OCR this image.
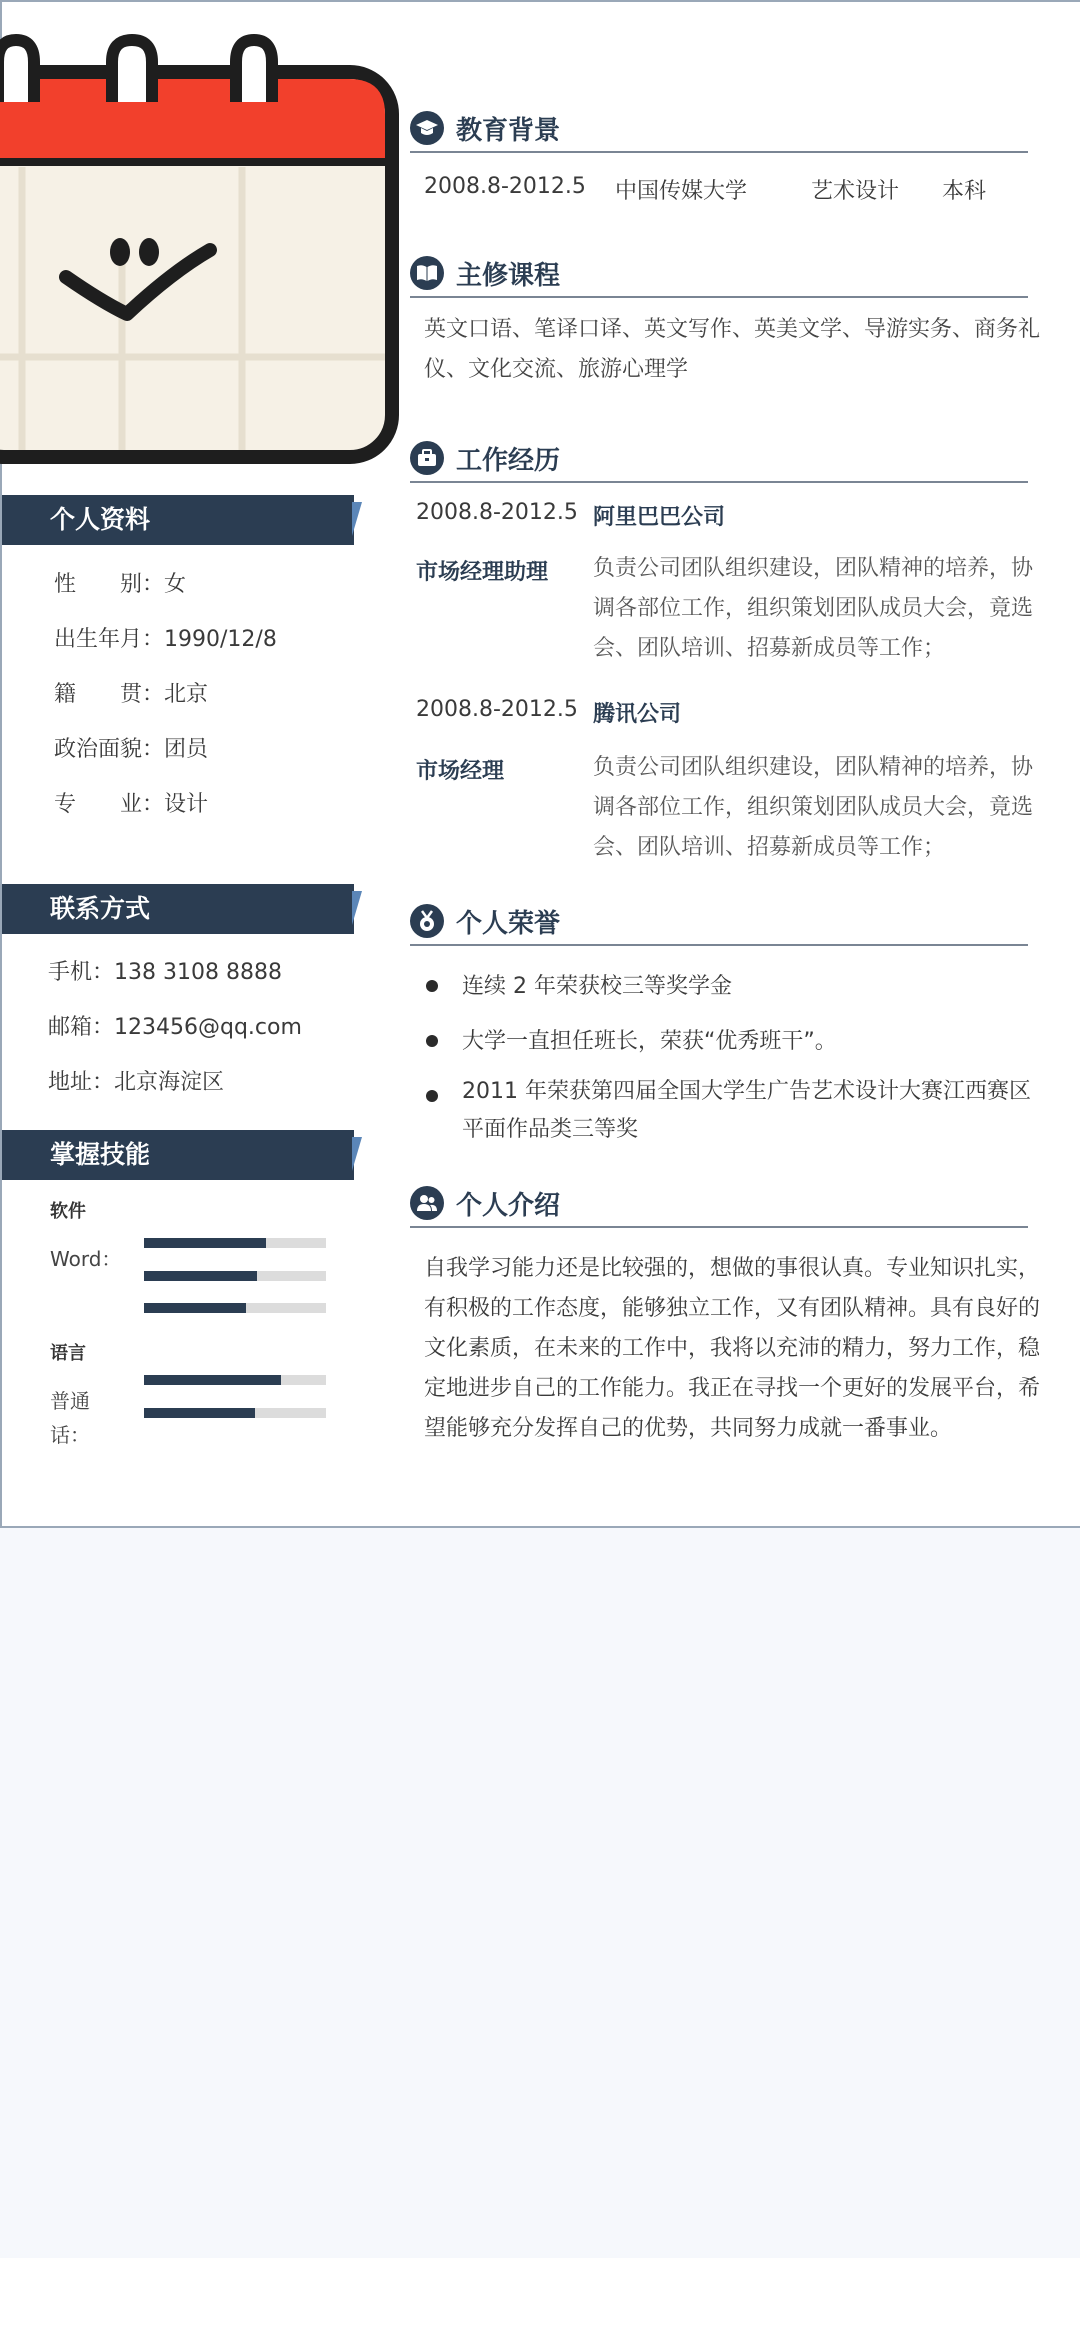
个人资料
性　　别：女
出生年月：1990/12/8
籍　　贯：北京
政治面貌：团员
专　　业：设计
联系方式
手机：138 3108 8888
邮箱：123456@qq.com
地址：北京海淀区
掌握技能
软件
Word：
语言
普通话：
教育背景
2008.8-2012.5 中国传媒大学	艺术设计 本科
主修课程
英文口语、笔译口译、英文写作、英美文学、导游实务、商务礼仪、文化交流、旅游心理学
工作经历
2008.8-2012.5 阿里巴巴公司
市场经理助理 负责公司团队组织建设，团队精神的培养，协调各部位工作，组织策划团队成员大会，竟选会、团队培训、招募新成员等工作；
2008.8-2012.5 腾讯公司
市场经理	负责公司团队组织建设，团队精神的培养，协调各部位工作，组织策划团队成员大会，竟选会、团队培训、招募新成员等工作；
个人荣誉
连续 2 年荣获校三等奖学金
大学一直担任班长，荣获“优秀班干”。
2011 年荣获第四届全国大学生广告艺术设计大赛江西赛区平面作品类三等奖
个人介绍
自我学习能力还是比较强的，想做的事很认真。专业知识扎实，有积极的工作态度，能够独立工作，又有团队精神。具有良好的文化素质，在未来的工作中，我将以充沛的精力，努力工作，稳定地进步自己的工作能力。我正在寻找一个更好的发展平台，希望能够充分发挥自己的优势，共同努力成就一番事业。
